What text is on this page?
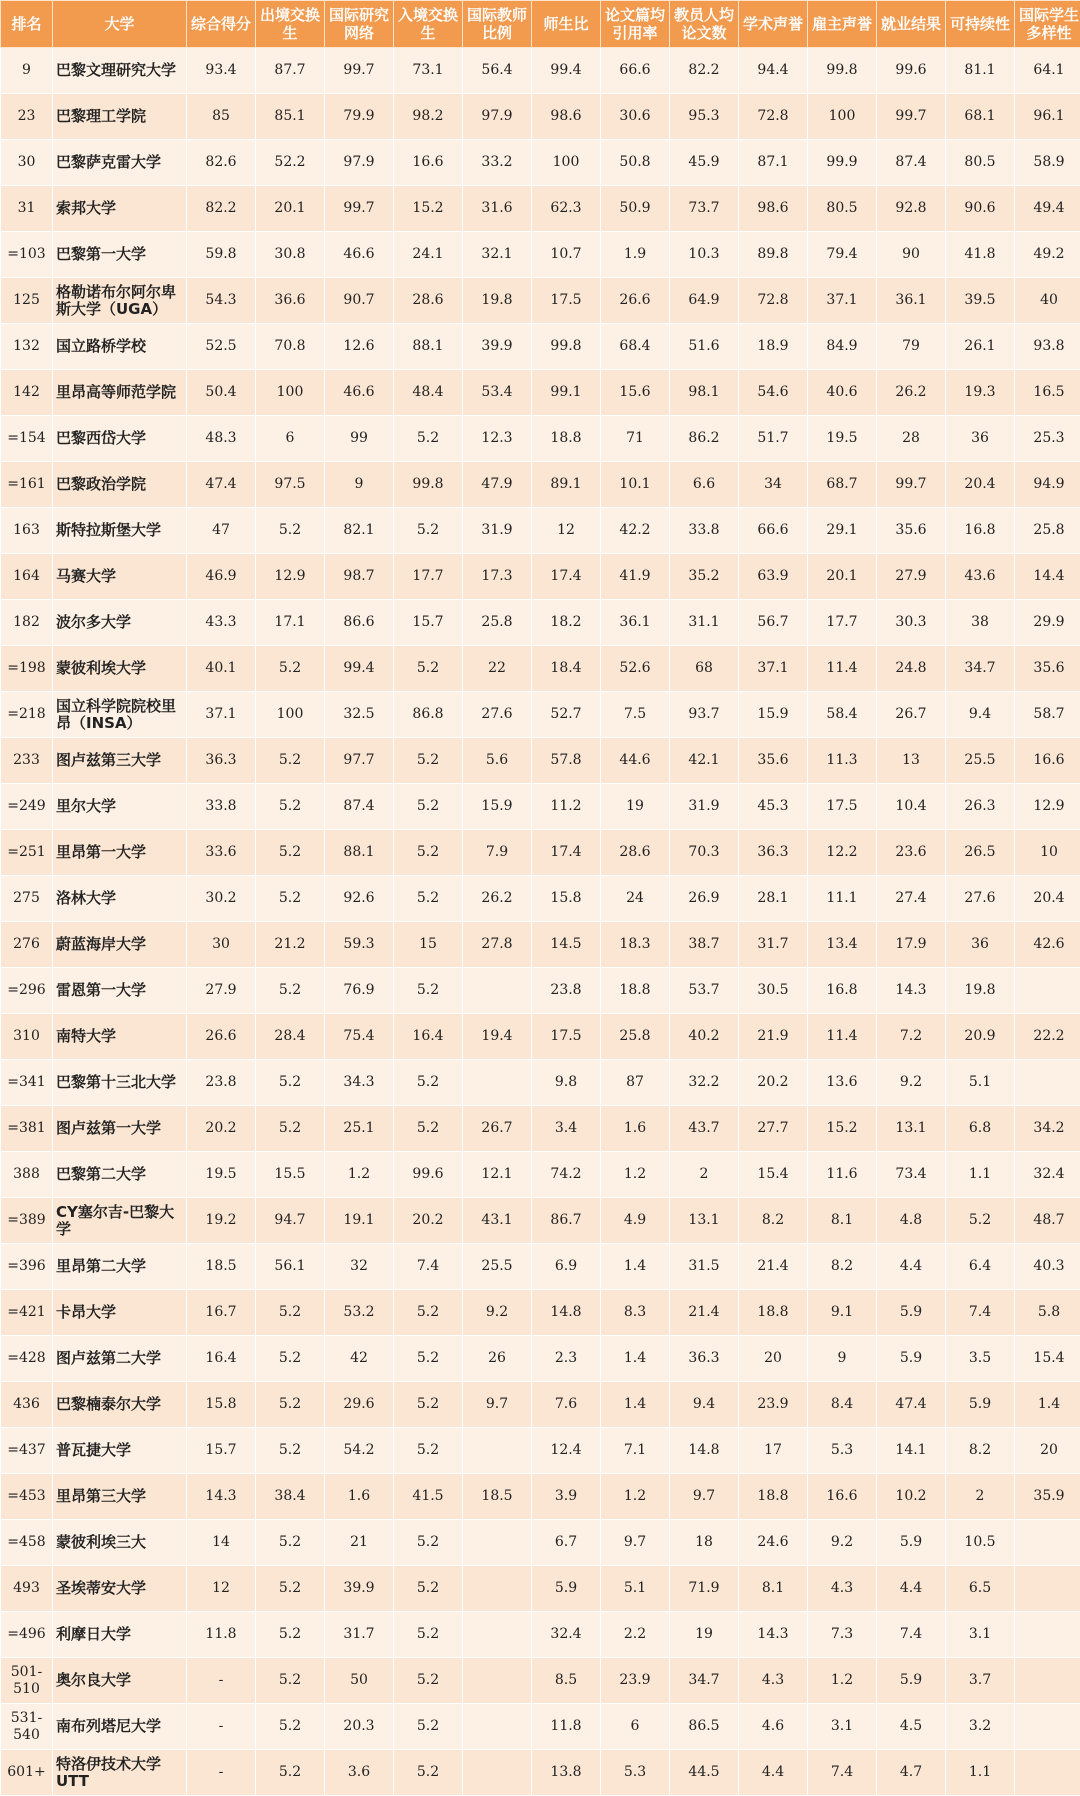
排名	大学	综合得分	出境交换生	国际研究网络	入境交换生	国际教师比例	师生比	论文篇均引用率	教员人均论文数	学术声誉	雇主声誉	就业结果	可持续性	国际学生多样性
9	巴黎文理研究大学	93.4	87.7	99.7	73.1	56.4	99.4	66.6	82.2	94.4	99.8	99.6	81.1	64.1
23	巴黎理工学院	85	85.1	79.9	98.2	97.9	98.6	30.6	95.3	72.8	100	99.7	68.1	96.1
30	巴黎萨克雷大学	82.6	52.2	97.9	16.6	33.2	100	50.8	45.9	87.1	99.9	87.4	80.5	58.9
31	索邦大学	82.2	20.1	99.7	15.2	31.6	62.3	50.9	73.7	98.6	80.5	92.8	90.6	49.4
=103	巴黎第一大学	59.8	30.8	46.6	24.1	32.1	10.7	1.9	10.3	89.8	79.4	90	41.8	49.2
125	格勒诺布尔阿尔卑斯大学（UGA）	54.3	36.6	90.7	28.6	19.8	17.5	26.6	64.9	72.8	37.1	36.1	39.5	40
132	国立路桥学校	52.5	70.8	12.6	88.1	39.9	99.8	68.4	51.6	18.9	84.9	79	26.1	93.8
142	里昂高等师范学院	50.4	100	46.6	48.4	53.4	99.1	15.6	98.1	54.6	40.6	26.2	19.3	16.5
=154	巴黎西岱大学	48.3	6	99	5.2	12.3	18.8	71	86.2	51.7	19.5	28	36	25.3
=161	巴黎政治学院	47.4	97.5	9	99.8	47.9	89.1	10.1	6.6	34	68.7	99.7	20.4	94.9
163	斯特拉斯堡大学	47	5.2	82.1	5.2	31.9	12	42.2	33.8	66.6	29.1	35.6	16.8	25.8
164	马赛大学	46.9	12.9	98.7	17.7	17.3	17.4	41.9	35.2	63.9	20.1	27.9	43.6	14.4
182	波尔多大学	43.3	17.1	86.6	15.7	25.8	18.2	36.1	31.1	56.7	17.7	30.3	38	29.9
=198	蒙彼利埃大学	40.1	5.2	99.4	5.2	22	18.4	52.6	68	37.1	11.4	24.8	34.7	35.6
=218	国立科学院院校里昂（INSA）	37.1	100	32.5	86.8	27.6	52.7	7.5	93.7	15.9	58.4	26.7	9.4	58.7
233	图卢兹第三大学	36.3	5.2	97.7	5.2	5.6	57.8	44.6	42.1	35.6	11.3	13	25.5	16.6
=249	里尔大学	33.8	5.2	87.4	5.2	15.9	11.2	19	31.9	45.3	17.5	10.4	26.3	12.9
=251	里昂第一大学	33.6	5.2	88.1	5.2	7.9	17.4	28.6	70.3	36.3	12.2	23.6	26.5	10
275	洛林大学	30.2	5.2	92.6	5.2	26.2	15.8	24	26.9	28.1	11.1	27.4	27.6	20.4
276	蔚蓝海岸大学	30	21.2	59.3	15	27.8	14.5	18.3	38.7	31.7	13.4	17.9	36	42.6
=296	雷恩第一大学	27.9	5.2	76.9	5.2		23.8	18.8	53.7	30.5	16.8	14.3	19.8	
310	南特大学	26.6	28.4	75.4	16.4	19.4	17.5	25.8	40.2	21.9	11.4	7.2	20.9	22.2
=341	巴黎第十三北大学	23.8	5.2	34.3	5.2		9.8	87	32.2	20.2	13.6	9.2	5.1	
=381	图卢兹第一大学	20.2	5.2	25.1	5.2	26.7	3.4	1.6	43.7	27.7	15.2	13.1	6.8	34.2
388	巴黎第二大学	19.5	15.5	1.2	99.6	12.1	74.2	1.2	2	15.4	11.6	73.4	1.1	32.4
=389	CY塞尔吉-巴黎大学	19.2	94.7	19.1	20.2	43.1	86.7	4.9	13.1	8.2	8.1	4.8	5.2	48.7
=396	里昂第二大学	18.5	56.1	32	7.4	25.5	6.9	1.4	31.5	21.4	8.2	4.4	6.4	40.3
=421	卡昂大学	16.7	5.2	53.2	5.2	9.2	14.8	8.3	21.4	18.8	9.1	5.9	7.4	5.8
=428	图卢兹第二大学	16.4	5.2	42	5.2	26	2.3	1.4	36.3	20	9	5.9	3.5	15.4
436	巴黎楠泰尔大学	15.8	5.2	29.6	5.2	9.7	7.6	1.4	9.4	23.9	8.4	47.4	5.9	1.4
=437	普瓦捷大学	15.7	5.2	54.2	5.2		12.4	7.1	14.8	17	5.3	14.1	8.2	20
=453	里昂第三大学	14.3	38.4	1.6	41.5	18.5	3.9	1.2	9.7	18.8	16.6	10.2	2	35.9
=458	蒙彼利埃三大	14	5.2	21	5.2		6.7	9.7	18	24.6	9.2	5.9	10.5	
493	圣埃蒂安大学	12	5.2	39.9	5.2		5.9	5.1	71.9	8.1	4.3	4.4	6.5	
=496	利摩日大学	11.8	5.2	31.7	5.2		32.4	2.2	19	14.3	7.3	7.4	3.1	
501-510	奥尔良大学	-	5.2	50	5.2		8.5	23.9	34.7	4.3	1.2	5.9	3.7	
531-540	南布列塔尼大学	-	5.2	20.3	5.2		11.8	6	86.5	4.6	3.1	4.5	3.2	
601+	特洛伊技术大学UTT	-	5.2	3.6	5.2		13.8	5.3	44.5	4.4	7.4	4.7	1.1	
